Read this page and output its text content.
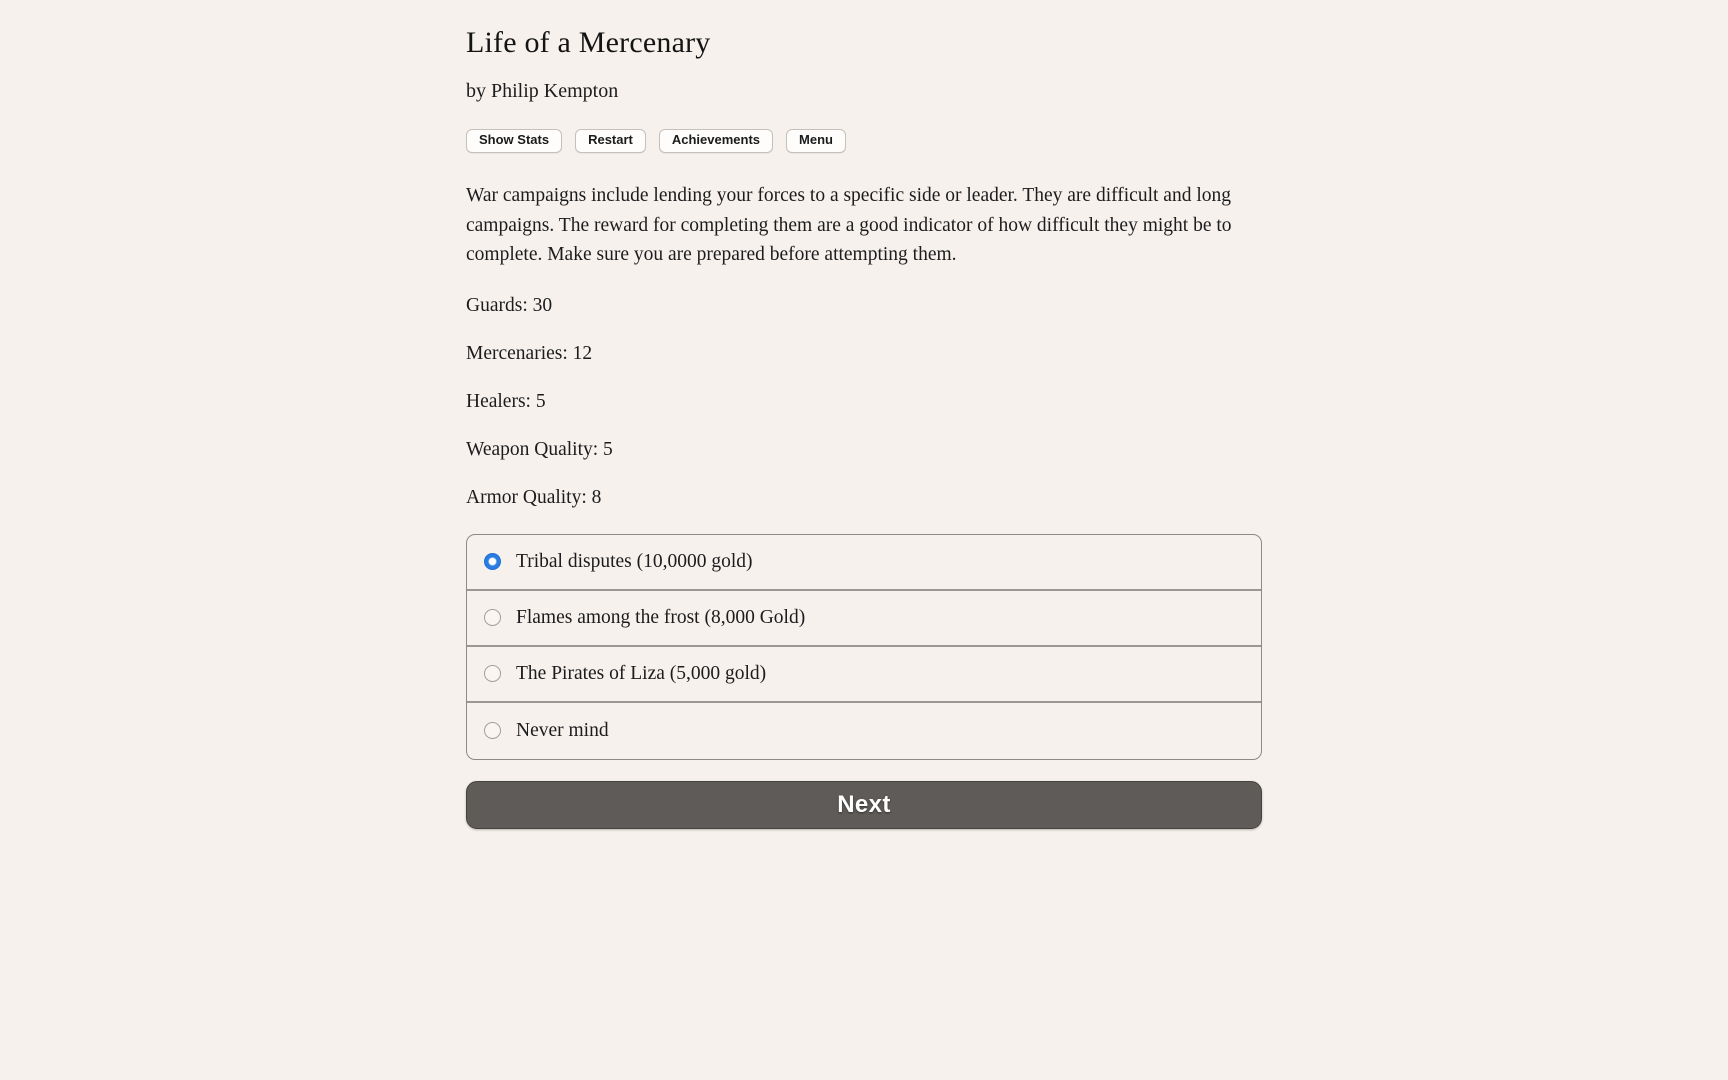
Life of a Mercenary
by Philip Kempton
Show Stats	Restart	Achievements	Menu

War campaigns include lending your forces to a specific side or leader. They are difficult and long campaigns. The reward for completing them are a good indicator of how difficult they might be to complete. Make sure you are prepared before attempting them.

Guards: 30

Mercenaries: 12

Healers: 5

Weapon Quality: 5

Armor Quality: 8

Tribal disputes (10,0000 gold)
Flames among the frost (8,000 Gold)
The Pirates of Liza (5,000 gold)
Never mind
Next
